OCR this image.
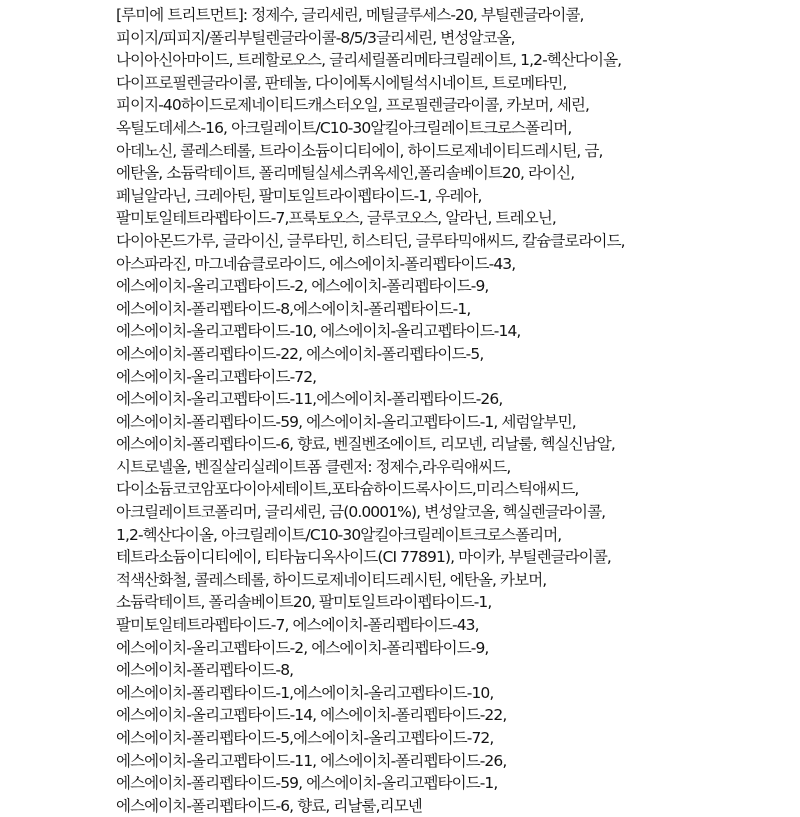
[루미에 트리트먼트]: 정제수, 글리세린, 메틸글루세스-20, 부틸렌글라이콜,
피이지/피피지/폴리부틸렌글라이콜-8/5/3글리세린, 변성알코올,
나이아신아마이드, 트레할로오스, 글리세릴폴리메타크릴레이트, 1,2-헥산다이올,
다이프로필렌글라이콜, 판테놀, 다이에톡시에틸석시네이트, 트로메타민,
피이지-40하이드로제네이티드캐스터오일, 프로필렌글라이콜, 카보머, 세린,
옥틸도데세스-16, 아크릴레이트/C10-30알킬아크릴레이트크로스폴리머,
아데노신, 콜레스테롤, 트라이소듐이디티에이, 하이드로제네이티드레시틴, 금,
에탄올, 소듐락테이트, 폴리메틸실세스퀴옥세인,폴리솔베이트20, 라이신,
페닐알라닌, 크레아틴, 팔미토일트라이펩타이드-1, 우레아,
팔미토일테트라펩타이드-7,프룩토오스, 글루코오스, 알라닌, 트레오닌,
다이아몬드가루, 글라이신, 글루타민, 히스티딘, 글루타믹애씨드, 칼슘클로라이드,
아스파라진, 마그네슘클로라이드, 에스에이치-폴리펩타이드-43,
에스에이치-올리고펩타이드-2, 에스에이치-폴리펩타이드-9,
에스에이치-폴리펩타이드-8,에스에이치-폴리펩타이드-1,
에스에이치-올리고펩타이드-10, 에스에이치-올리고펩타이드-14,
에스에이치-폴리펩타이드-22, 에스에이치-폴리펩타이드-5,
에스에이치-올리고펩타이드-72,
에스에이치-올리고펩타이드-11,에스에이치-폴리펩타이드-26,
에스에이치-폴리펩타이드-59, 에스에이치-올리고펩타이드-1, 세럼알부민,
에스에이치-폴리펩타이드-6, 향료, 벤질벤조에이트, 리모넨, 리날룰, 헥실신남알,
시트로넬올, 벤질살리실레이트폼 클렌저: 정제수,라우릭애씨드,
다이소듐코코암포다이아세테이트,포타슘하이드록사이드,미리스틱애씨드,
아크릴레이트코폴리머, 글리세린, 금(0.0001%), 변성알코올, 헥실렌글라이콜,
1,2-헥산다이올, 아크릴레이트/C10-30알킬아크릴레이트크로스폴리머,
테트라소듐이디티에이, 티타늄디옥사이드(CI 77891), 마이카, 부틸렌글라이콜,
적색산화철, 콜레스테롤, 하이드로제네이티드레시틴, 에탄올, 카보머,
소듐락테이트, 폴리솔베이트20, 팔미토일트라이펩타이드-1,
팔미토일테트라펩타이드-7, 에스에이치-폴리펩타이드-43,
에스에이치-올리고펩타이드-2, 에스에이치-폴리펩타이드-9,
에스에이치-폴리펩타이드-8,
에스에이치-폴리펩타이드-1,에스에이치-올리고펩타이드-10,
에스에이치-올리고펩타이드-14, 에스에이치-폴리펩타이드-22,
에스에이치-폴리펩타이드-5,에스에이치-올리고펩타이드-72,
에스에이치-올리고펩타이드-11, 에스에이치-폴리펩타이드-26,
에스에이치-폴리펩타이드-59, 에스에이치-올리고펩타이드-1,
에스에이치-폴리펩타이드-6, 향료, 리날룰,리모넨
